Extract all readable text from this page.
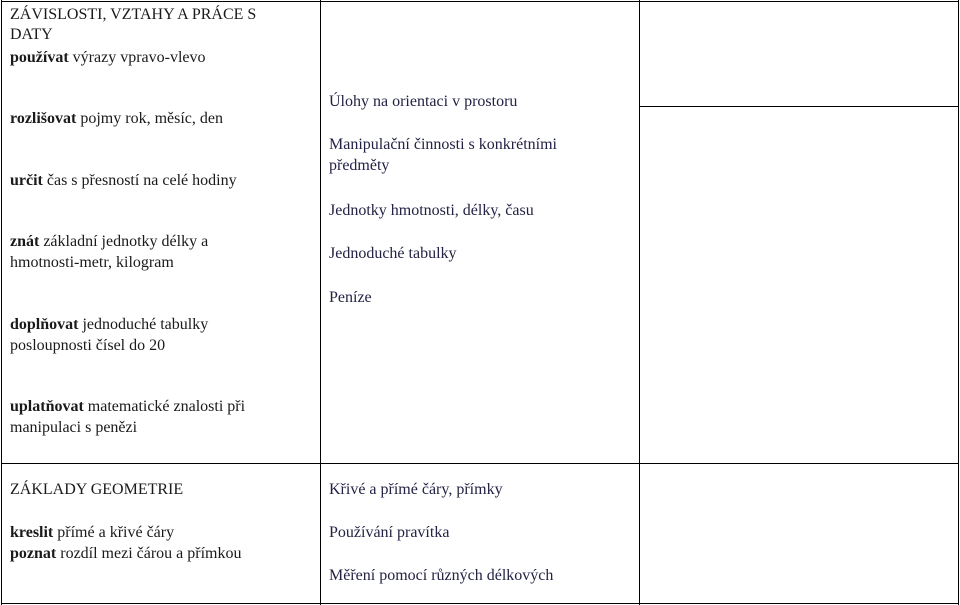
ZÁVISLOSTI, VZTAHY A PRÁCE S
DATY
používat výrazy vpravo-vlevo
rozlišovat pojmy rok, měsíc, den
určit čas s přesností na celé hodiny
znát základní jednotky délky a
hmotnosti-metr, kilogram
doplňovat jednoduché tabulky
posloupnosti čísel do 20
uplatňovat matematické znalosti při
manipulaci s penězi
ZÁKLADY GEOMETRIE
kreslit přímé a křivé čáry
poznat rozdíl mezi čárou a přímkou
Úlohy na orientaci v prostoru
Manipulační činnosti s konkrétními
předměty
Jednotky hmotnosti, délky, času
Jednoduché tabulky
Peníze
Křivé a přímé čáry, přímky
Používání pravítka
Měření pomocí různých délkových
